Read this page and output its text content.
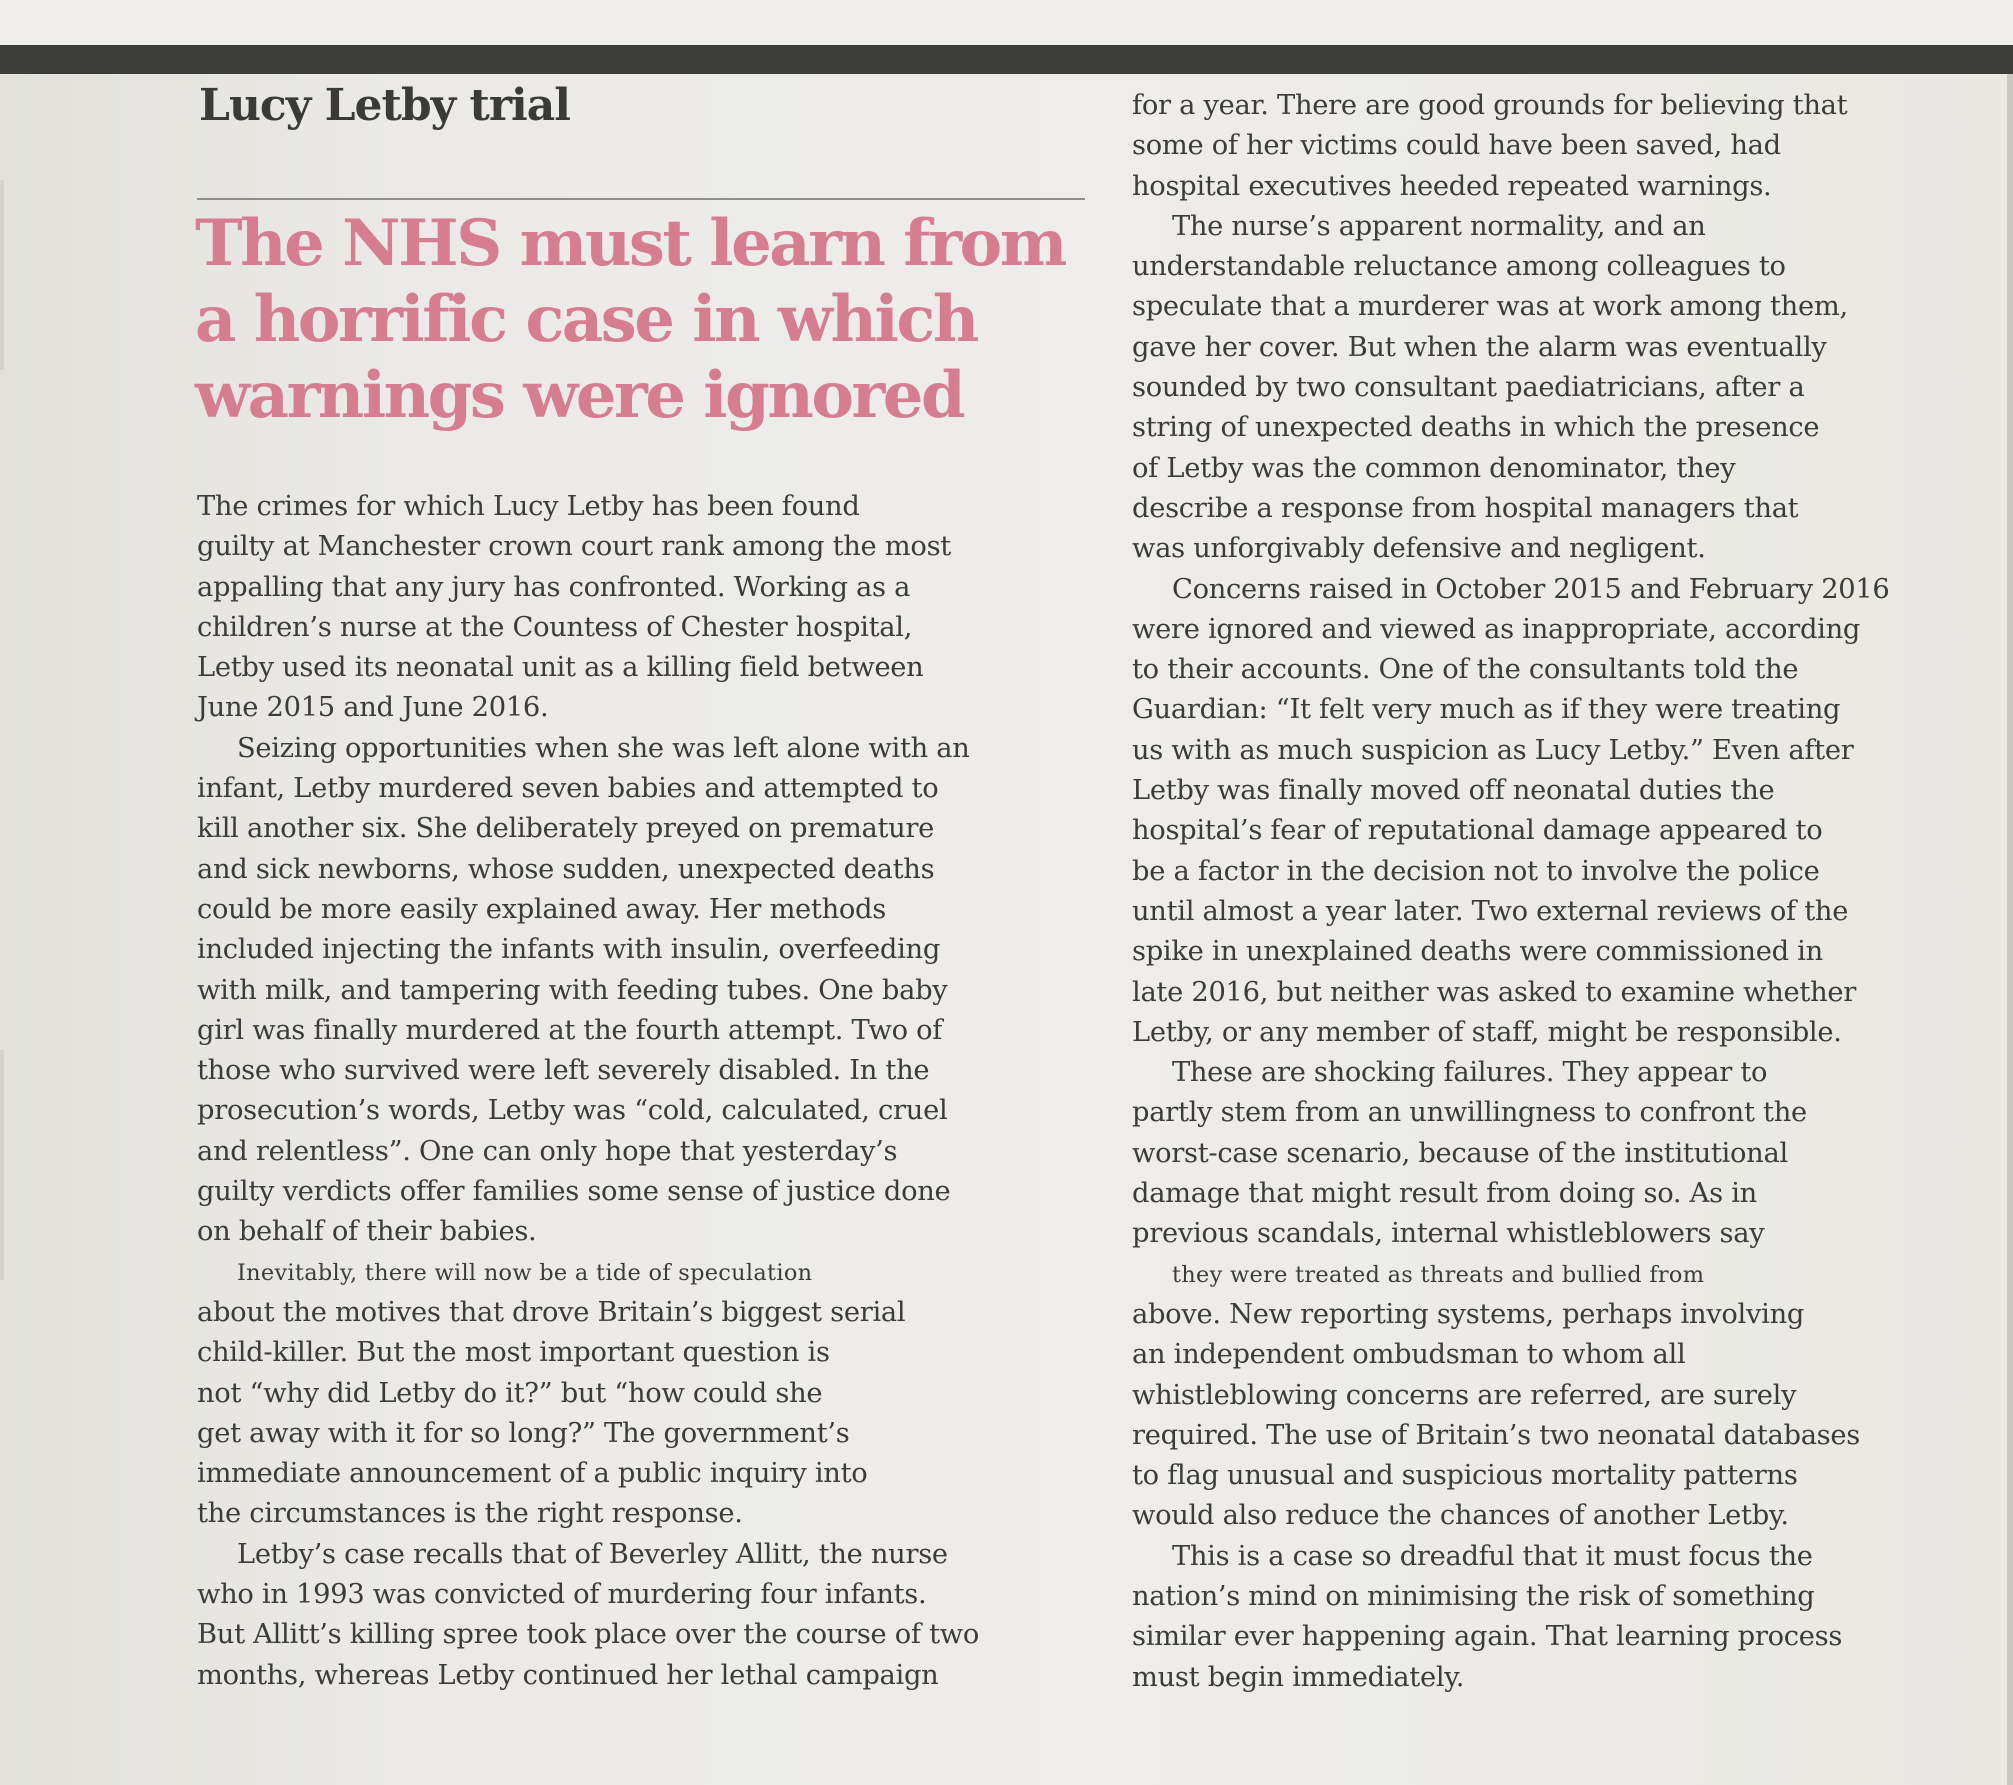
Lucy Letby trial
The NHS must learn from
a horrific case in which
warnings were ignored

The crimes for which Lucy Letby has been found

guilty at Manchester crown court rank among the most

appalling that any jury has confronted. Working as a

children’s nurse at the Countess of Chester hospital,

Letby used its neonatal unit as a killing field between

June 2015 and June 2016.

Seizing opportunities when she was left alone with an

infant, Letby murdered seven babies and attempted to

kill another six. She deliberately preyed on premature

and sick newborns, whose sudden, unexpected deaths

could be more easily explained away. Her methods

included injecting the infants with insulin, overfeeding

with milk, and tampering with feeding tubes. One baby

girl was finally murdered at the fourth attempt. Two of

those who survived were left severely disabled. In the

prosecution’s words, Letby was “cold, calculated, cruel

and relentless”. One can only hope that yesterday’s

guilty verdicts offer families some sense of justice done

on behalf of their babies.

Inevitably, there will now be a tide of speculation

about the motives that drove Britain’s biggest serial

child-killer. But the most important question is

not “why did Letby do it?” but “how could she

get away with it for so long?” The government’s

immediate announcement of a public inquiry into

the circumstances is the right response.

Letby’s case recalls that of Beverley Allitt, the nurse

who in 1993 was convicted of murdering four infants.

But Allitt’s killing spree took place over the course of two

months, whereas Letby continued her lethal campaign

for a year. There are good grounds for believing that

some of her victims could have been saved, had

hospital executives heeded repeated warnings.

The nurse’s apparent normality, and an

understandable reluctance among colleagues to

speculate that a murderer was at work among them,

gave her cover. But when the alarm was eventually

sounded by two consultant paediatricians, after a

string of unexpected deaths in which the presence

of Letby was the common denominator, they

describe a response from hospital managers that

was unforgivably defensive and negligent.

Concerns raised in October 2015 and February 2016

were ignored and viewed as inappropriate, according

to their accounts. One of the consultants told the

Guardian: “It felt very much as if they were treating

us with as much suspicion as Lucy Letby.” Even after

Letby was finally moved off neonatal duties the

hospital’s fear of reputational damage appeared to

be a factor in the decision not to involve the police

until almost a year later. Two external reviews of the

spike in unexplained deaths were commissioned in

late 2016, but neither was asked to examine whether

Letby, or any member of staff, might be responsible.

These are shocking failures. They appear to

partly stem from an unwillingness to confront the

worst-case scenario, because of the institutional

damage that might result from doing so. As in

previous scandals, internal whistleblowers say

they were treated as threats and bullied from

above. New reporting systems, perhaps involving

an independent ombudsman to whom all

whistleblowing concerns are referred, are surely

required. The use of Britain’s two neonatal databases

to flag unusual and suspicious mortality patterns

would also reduce the chances of another Letby.

This is a case so dreadful that it must focus the

nation’s mind on minimising the risk of something

similar ever happening again. That learning process

must begin immediately.
